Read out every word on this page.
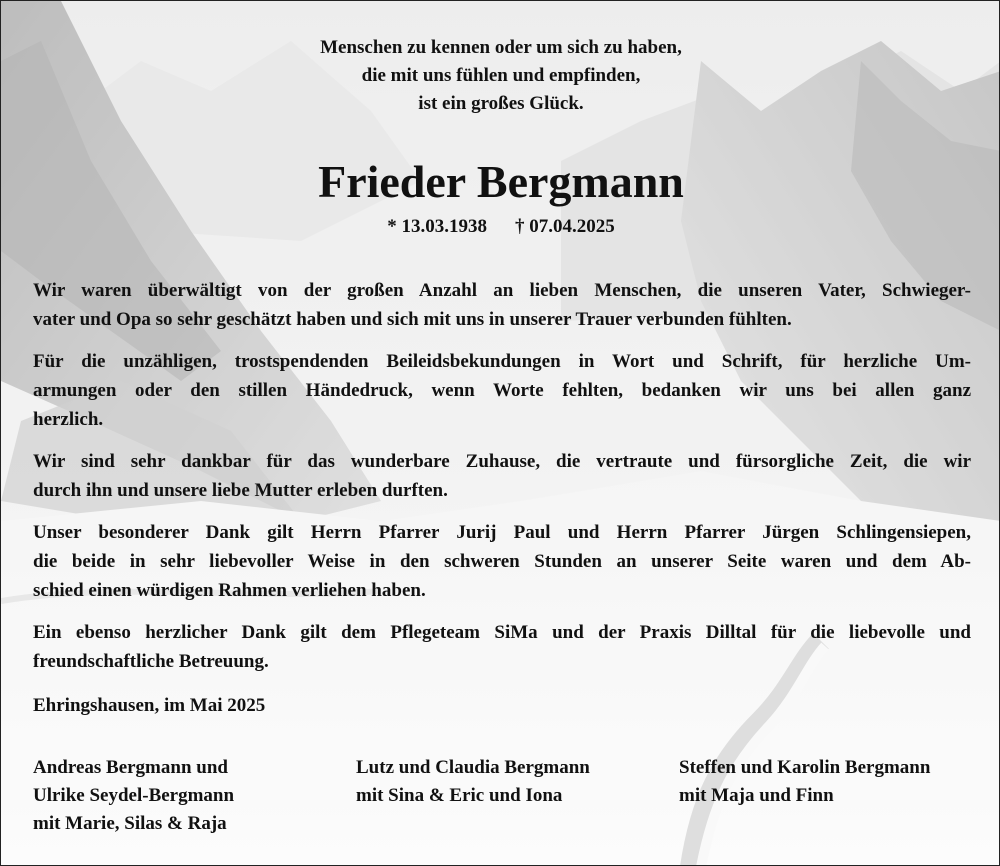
Menschen zu kennen oder um sich zu haben,
die mit uns fühlen und empfinden,
ist ein großes Glück.
Frieder Bergmann
* 13.03.1938 † 07.04.2025

Wir waren überwältigt von der großen Anzahl an lieben Menschen, die unseren Vater, Schwieger-
vater und Opa so sehr geschätzt haben und sich mit uns in unserer Trauer verbunden fühlten.

Für die unzähligen, trostspendenden Beileidsbekundungen in Wort und Schrift, für herzliche Um-
armungen oder den stillen Händedruck, wenn Worte fehlten, bedanken wir uns bei allen ganz
herzlich.

Wir sind sehr dankbar für das wunderbare Zuhause, die vertraute und fürsorgliche Zeit, die wir
durch ihn und unsere liebe Mutter erleben durften.

Unser besonderer Dank gilt Herrn Pfarrer Jurij Paul und Herrn Pfarrer Jürgen Schlingensiepen,
die beide in sehr liebevoller Weise in den schweren Stunden an unserer Seite waren und dem Ab-
schied einen würdigen Rahmen verliehen haben.

Ein ebenso herzlicher Dank gilt dem Pflegeteam SiMa und der Praxis Dilltal für die liebevolle und
freundschaftliche Betreuung.

Ehringshausen, im Mai 2025
Andreas Bergmann und
Ulrike Seydel-Bergmann
mit Marie, Silas & Raja
Lutz und Claudia Bergmann
mit Sina & Eric und Iona
Steffen und Karolin Bergmann
mit Maja und Finn
